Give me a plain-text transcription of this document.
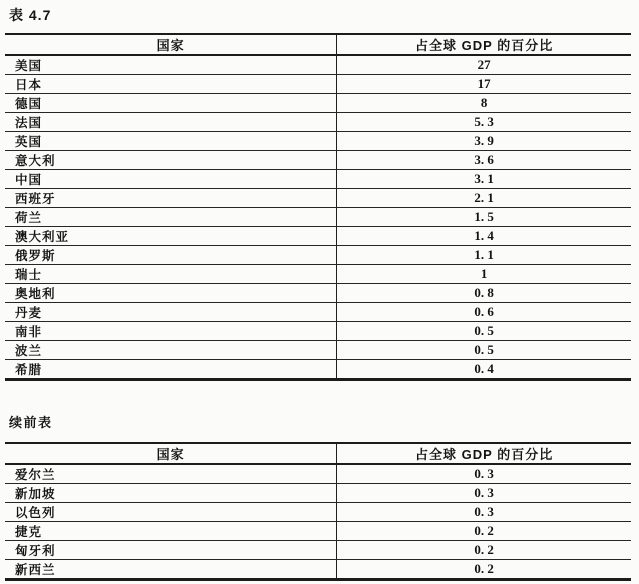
表 4.7
国家	占全球 GDP 的百分比
美国	27
日本	17
德国	8
法国	5. 3
英国	3. 9
意大利	3. 6
中国	3. 1
西班牙	2. 1
荷兰	1. 5
澳大利亚	1. 4
俄罗斯	1. 1
瑞士	1
奥地利	0. 8
丹麦	0. 6
南非	0. 5
波兰	0. 5
希腊	0. 4
续前表
国家	占全球 GDP 的百分比
爱尔兰	0. 3
新加坡	0. 3
以色列	0. 3
捷克	0. 2
匈牙利	0. 2
新西兰	0. 2
